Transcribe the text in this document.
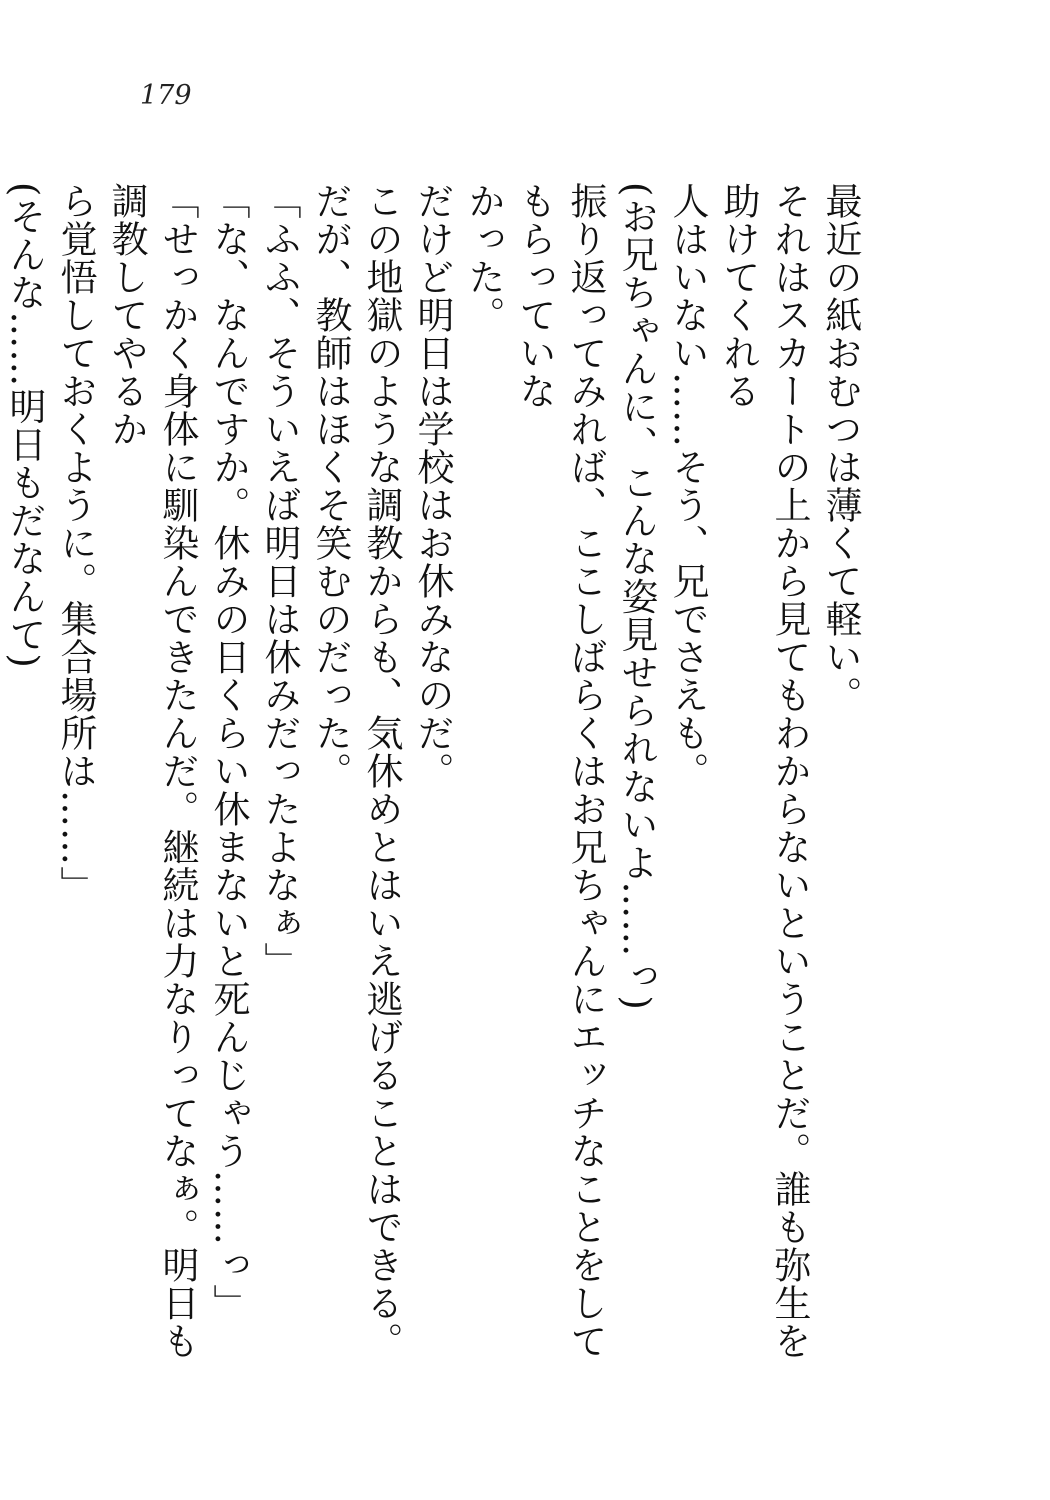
179

最近の紙おむつは薄くて軽い。

それはスカートの上から見てもわからないということだ。誰も弥生を助けてくれる

人はいない……そう、兄でさえも。

(お兄ちゃんに、こんな姿見せられないよ……っ)

振り返ってみれば、ここしばらくはお兄ちゃんにエッチなことをしてもらっていな

かった。

だけど明日は学校はお休みなのだ。

この地獄のような調教からも、気休めとはいえ逃げることはできる。

だが、教師はほくそ笑むのだった。

「ふふ、そういえば明日は休みだったよなぁ」

「な、なんですか。休みの日くらい休まないと死んじゃう……っ」

「せっかく身体に馴染んできたんだ。継続は力なりってなぁ。明日も調教してやるか

ら覚悟しておくように。集合場所は……」

(そんな……明日もだなんて)
